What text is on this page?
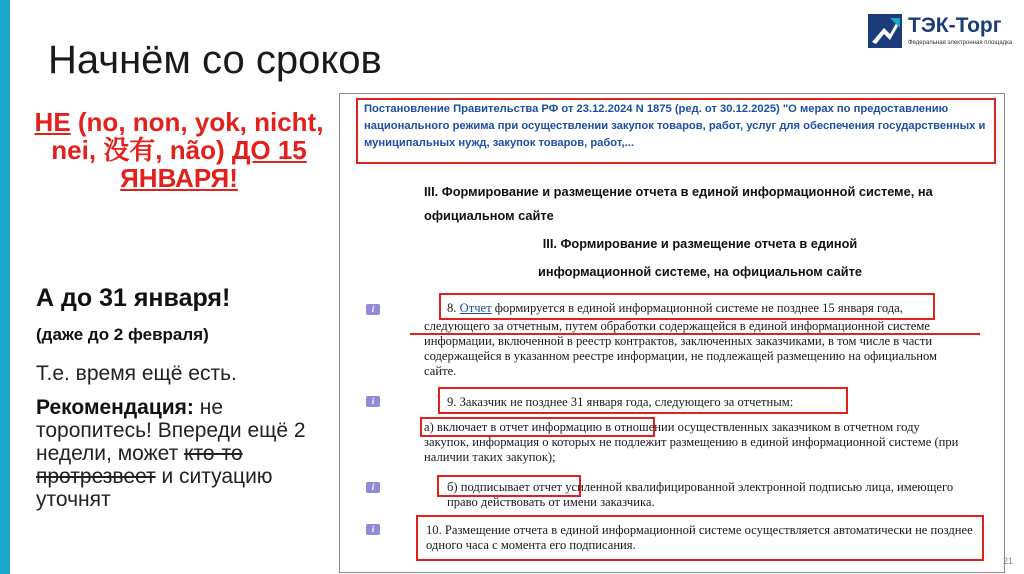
Начнём со сроков
ТЭК-Торг
Федеральная электронная площадка
НЕ (no, non, yok, nicht, nei, 没有, não) ДО 15 ЯНВАРЯ!
А до 31 января!
(даже до 2 февраля)
Т.е. время ещё есть.
Рекомендация: не торопитесь! Впереди ещё 2 недели, может кто-то протрезвеет и ситуацию уточнят
Постановление Правительства РФ от 23.12.2024 N 1875 (ред. от 30.12.2025) "О мерах по предоставлению национального режима при осуществлении закупок товаров, работ, услуг для обеспечения государственных и муниципальных нужд, закупок товаров, работ,...
III. Формирование и размещение отчета в единой информационной системе, на официальном сайте
III. Формирование и размещение отчета в единой
информационной системе, на официальном сайте
i	8. Отчет формируется в единой информационной системе не позднее 15 января года,
следующего за отчетным, путем обработки содержащейся в единой информационной системе информации, включенной в реестр контрактов, заключенных заказчиками, в том числе в части содержащейся в указанном реестре информации, не подлежащей размещению на официальном сайте.
i	9. Заказчик не позднее 31 января года, следующего за отчетным:
а) включает в отчет информацию в отношении осуществленных заказчиком в отчетном году закупок, информация о которых не подлежит размещению в единой информационной системе (при наличии таких закупок);
i	б) подписывает отчет усиленной квалифицированной электронной подписью лица, имеющего право действовать от имени заказчика.
i	10. Размещение отчета в единой информационной системе осуществляется автоматически не позднее одного часа с момента его подписания.
21
